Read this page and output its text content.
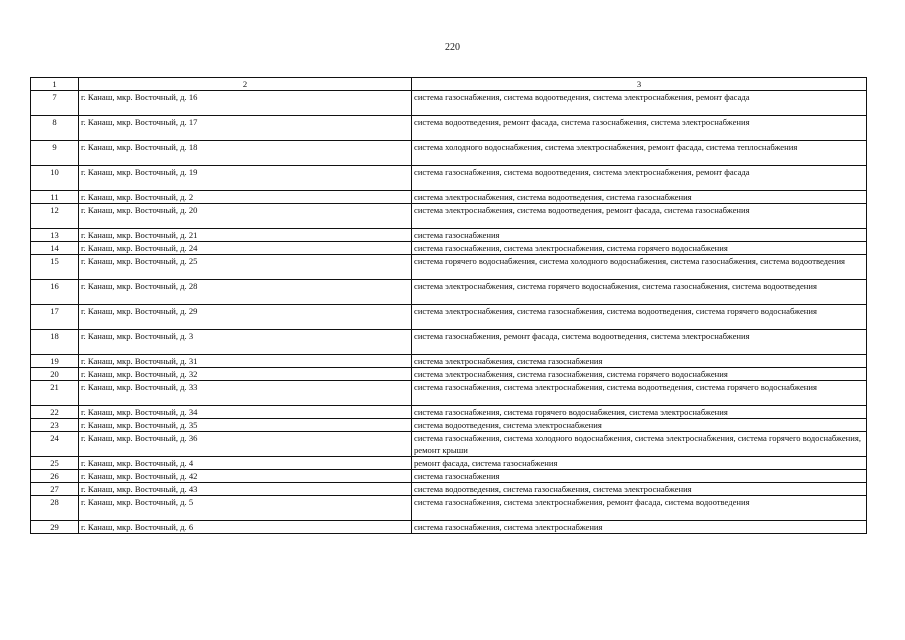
220
1	2	3
7	г. Канаш, мкр. Восточный, д. 16	система газоснабжения, система водоотведения, система электроснабжения, ремонт фасада
8	г. Канаш, мкр. Восточный, д. 17	система водоотведения, ремонт фасада, система газоснабжения, система электроснабжения
9	г. Канаш, мкр. Восточный, д. 18	система холодного водоснабжения, система электроснабжения, ремонт фасада, система теплоснабжения
10	г. Канаш, мкр. Восточный, д. 19	система газоснабжения, система водоотведения, система электроснабжения, ремонт фасада
11	г. Канаш, мкр. Восточный, д. 2	система электроснабжения, система водоотведения, система газоснабжения
12	г. Канаш, мкр. Восточный, д. 20	система электроснабжения, система водоотведения, ремонт фасада, система газоснабжения
13	г. Канаш, мкр. Восточный, д. 21	система газоснабжения
14	г. Канаш, мкр. Восточный, д. 24	система газоснабжения, система электроснабжения, система горячего водоснабжения
15	г. Канаш, мкр. Восточный, д. 25	система горячего водоснабжения, система холодного водоснабжения, система газоснабжения, система водоотведения
16	г. Канаш, мкр. Восточный, д. 28	система электроснабжения, система горячего водоснабжения, система газоснабжения, система водоотведения
17	г. Канаш, мкр. Восточный, д. 29	система электроснабжения, система газоснабжения, система водоотведения, система горячего водоснабжения
18	г. Канаш, мкр. Восточный, д. 3	система газоснабжения, ремонт фасада, система водоотведения, система электроснабжения
19	г. Канаш, мкр. Восточный, д. 31	система электроснабжения, система газоснабжения
20	г. Канаш, мкр. Восточный, д. 32	система электроснабжения, система газоснабжения, система горячего водоснабжения
21	г. Канаш, мкр. Восточный, д. 33	система газоснабжения, система электроснабжения, система водоотведения, система горячего водоснабжения
22	г. Канаш, мкр. Восточный, д. 34	система газоснабжения, система горячего водоснабжения, система электроснабжения
23	г. Канаш, мкр. Восточный, д. 35	система водоотведения, система электроснабжения
24	г. Канаш, мкр. Восточный, д. 36	система газоснабжения, система холодного водоснабжения, система электроснабжения, система горячего водоснабжения, ремонт крыши
25	г. Канаш, мкр. Восточный, д. 4	ремонт фасада, система газоснабжения
26	г. Канаш, мкр. Восточный, д. 42	система газоснабжения
27	г. Канаш, мкр. Восточный, д. 43	система водоотведения, система газоснабжения, система электроснабжения
28	г. Канаш, мкр. Восточный, д. 5	система газоснабжения, система электроснабжения, ремонт фасада, система водоотведения
29	г. Канаш, мкр. Восточный, д. 6	система газоснабжения, система электроснабжения
